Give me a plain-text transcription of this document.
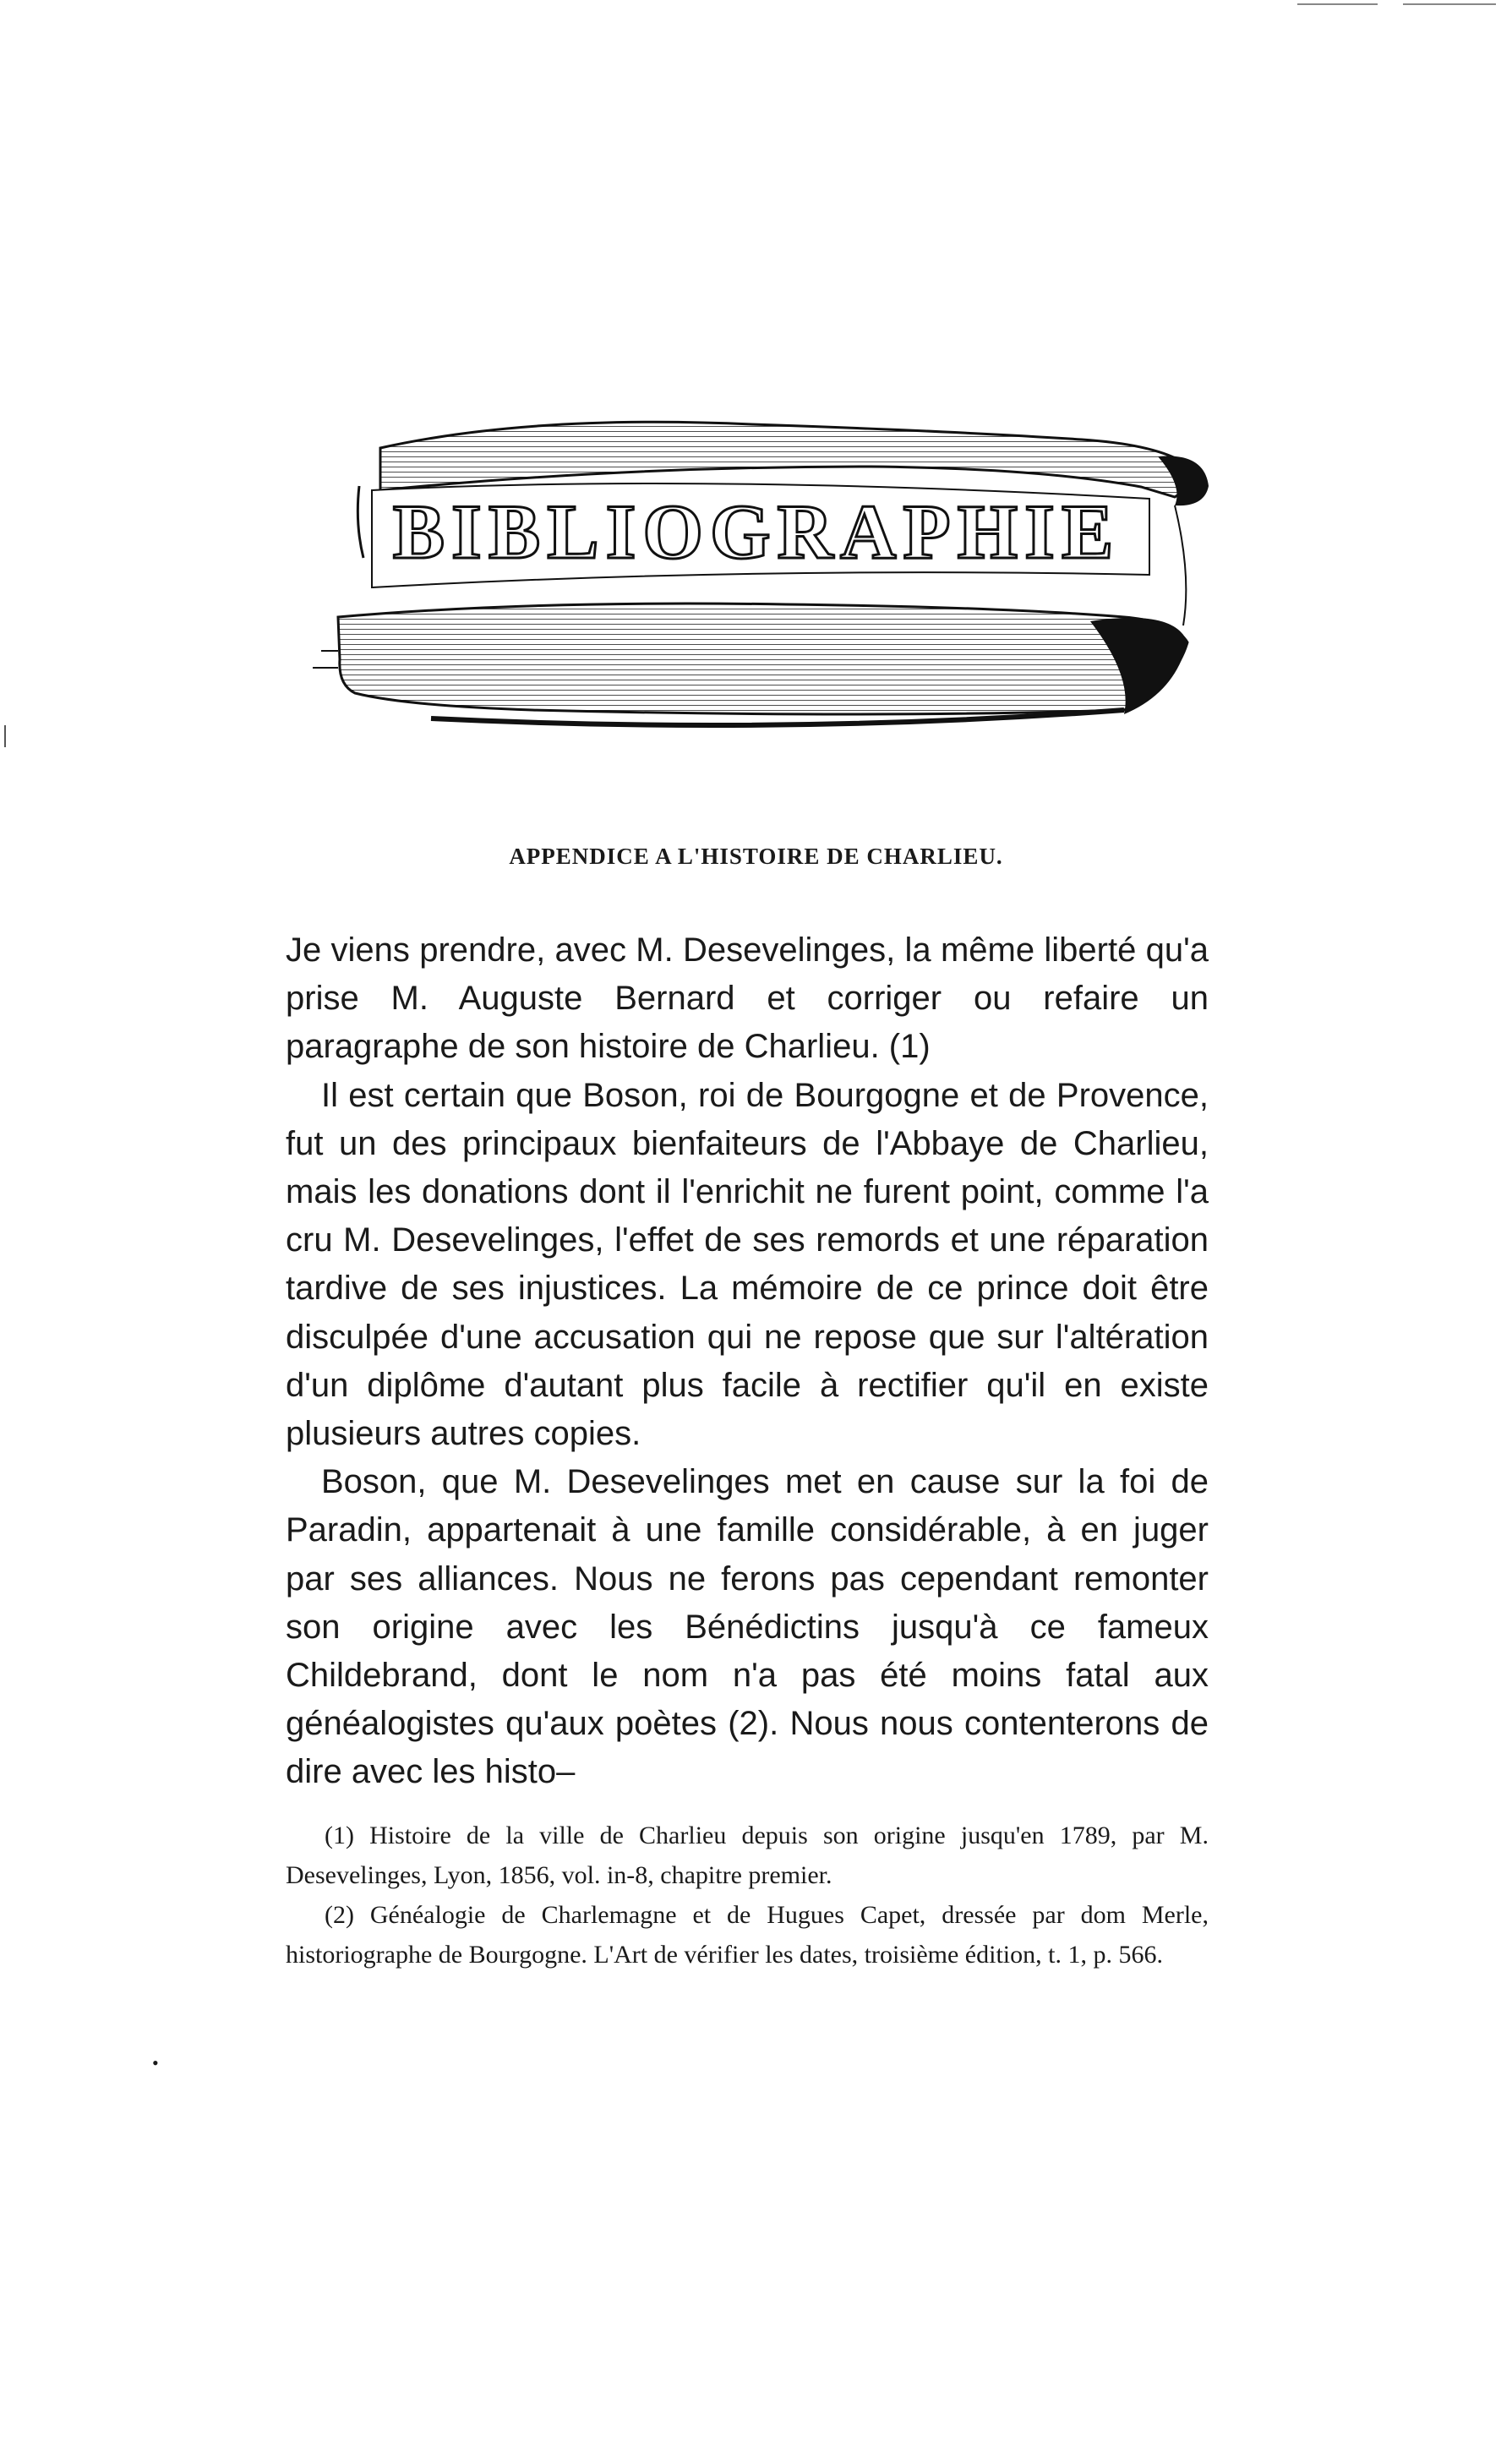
BIBLIOGRAPHIE
APPENDICE A L'HISTOIRE DE CHARLIEU.

Je viens prendre, avec M. Desevelinges, la même liberté qu'a prise M. Auguste Bernard et corriger ou refaire un paragraphe de son histoire de Charlieu. (1)

Il est certain que Boson, roi de Bourgogne et de Provence, fut un des principaux bienfaiteurs de l'Abbaye de Charlieu, mais les donations dont il l'enrichit ne furent point, comme l'a cru M. Desevelinges, l'effet de ses remords et une réparation tardive de ses injustices. La mémoire de ce prince doit être disculpée d'une accusation qui ne repose que sur l'altération d'un diplôme d'autant plus facile à rectifier qu'il en existe plusieurs autres copies.

Boson, que M. Desevelinges met en cause sur la foi de Paradin, appartenait à une famille considérable, à en juger par ses alliances. Nous ne ferons pas cependant remonter son origine avec les Bénédictins jusqu'à ce fameux Childebrand, dont le nom n'a pas été moins fatal aux généalogistes qu'aux poètes (2). Nous nous contenterons de dire avec les histo–

(1) Histoire de la ville de Charlieu depuis son origine jusqu'en 1789, par M. Desevelinges, Lyon, 1856, vol. in-8, chapitre premier.

(2) Généalogie de Charlemagne et de Hugues Capet, dressée par dom Merle, historiographe de Bourgogne. L'Art de vérifier les dates, troisième édition, t. 1, p. 566.

•
